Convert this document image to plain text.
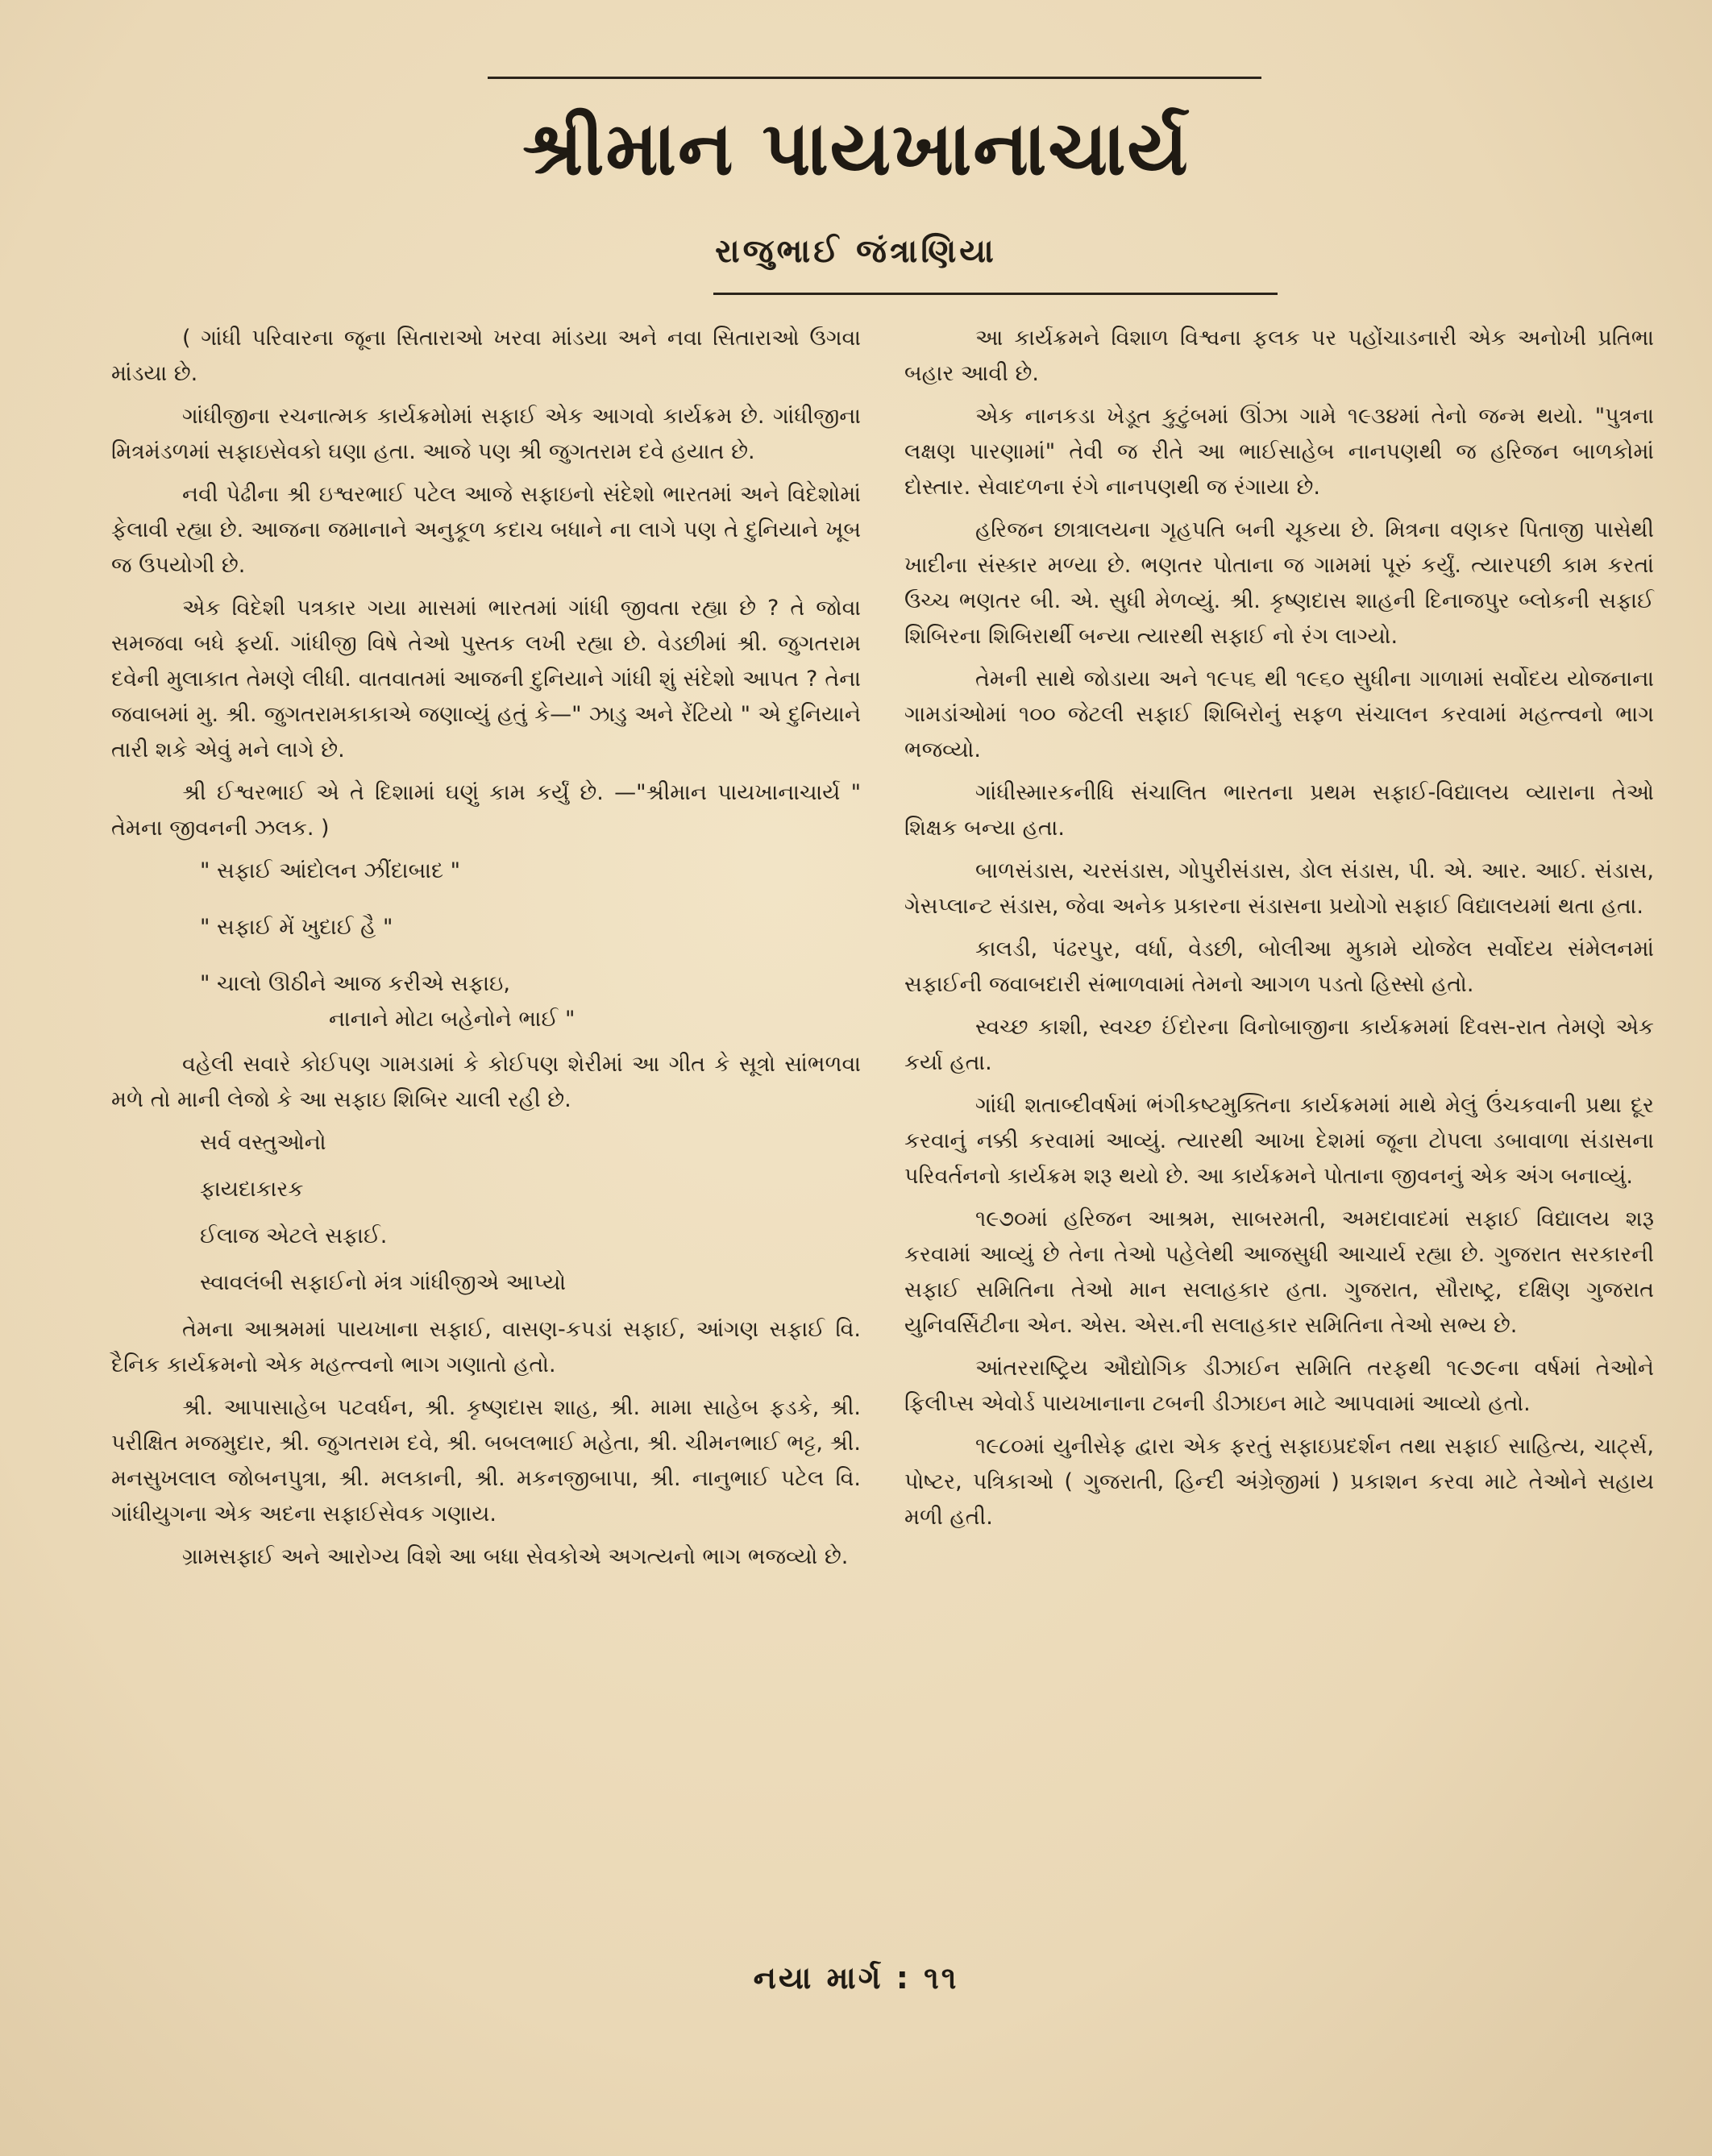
શ્રીમાન પાયખાનાચાર્ય
રાજુભાઈ જંત્રાણિયા

( ગાંધી પરિવારના જૂના સિતારાઓ ખરવા માંડયા અને નવા સિતારાઓ ઉગવા માંડયા છે.

ગાંધીજીના રચનાત્મક કાર્યક્રમોમાં સફાઈ એક આગવો કાર્યક્રમ છે. ગાંધીજીના મિત્રમંડળમાં સફાઇસેવકો ઘણા હતા. આજે પણ શ્રી જુગતરામ દવે હયાત છે.

નવી પેઢીના શ્રી ઇશ્વરભાઈ પટેલ આજે સફાઇનો સંદેશો ભારતમાં અને વિદેશોમાં ફેલાવી રહ્યા છે. આજના જમાનાને અનુકૂળ કદાચ બધાને ના લાગે પણ તે દુનિયાને ખૂબ જ ઉપયોગી છે.

એક વિદેશી પત્રકાર ગયા માસમાં ભારતમાં ગાંધી જીવતા રહ્યા છે ? તે જોવા સમજવા બધે ફર્યા. ગાંધીજી વિષે તેઓ પુસ્તક લખી રહ્યા છે. વેડછીમાં શ્રી. જુગતરામ દવેની મુલાકાત તેમણે લીધી. વાતવાતમાં આજની દુનિયાને ગાંધી શું સંદેશો આપત ? તેના જવાબમાં મુ. શ્રી. જુગતરામકાકાએ જણાવ્યું હતું કે—" ઝાડુ અને રેંટિયો " એ દુનિયાને તારી શકે એવું મને લાગે છે.

શ્રી ઈશ્વરભાઈ એ તે દિશામાં ઘણું કામ કર્યું છે. —"શ્રીમાન પાયખાનાચાર્ય " તેમના જીવનની ઝલક. )

" સફાઈ આંદોલન ઝીંદાબાદ "

" સફાઈ મેં ખુદાઈ હૈ "

" ચાલો ઊઠીને આજ કરીએ સફાઇ,

નાનાને મોટા બહેનોને ભાઈ "

વહેલી સવારે કોઈપણ ગામડામાં કે કોઈપણ શેરીમાં આ ગીત કે સૂત્રો સાંભળવા મળે તો માની લેજો કે આ સફાઇ શિબિર ચાલી રહી છે.

સર્વ વસ્તુઓનો

ફાયદાકારક

ઈલાજ એટલે સફાઈ.

સ્વાવલંબી સફાઈનો મંત્ર ગાંધીજીએ આપ્યો

તેમના આશ્રમમાં પાયખાના સફાઈ, વાસણ-કપડાં સફાઈ, આંગણ સફાઈ વિ. દૈનિક કાર્યક્રમનો એક મહત્ત્વનો ભાગ ગણાતો હતો.

શ્રી. આપાસાહેબ પટવર્ધન, શ્રી. કૃષ્ણદાસ શાહ, શ્રી. મામા સાહેબ ફડકે, શ્રી. પરીક્ષિત મજમુદાર, શ્રી. જુગતરામ દવે, શ્રી. બબલભાઈ મહેતા, શ્રી. ચીમનભાઈ ભટ્ટ, શ્રી. મનસુખલાલ જોબનપુત્રા, શ્રી. મલકાની, શ્રી. મકનજીબાપા, શ્રી. નાનુભાઈ પટેલ વિ. ગાંધીયુગના એક અદના સફાઈસેવક ગણાય.

ગ્રામસફાઈ અને આરોગ્ય વિશે આ બધા સેવકોએ અગત્યનો ભાગ ભજવ્યો છે.

આ કાર્યક્રમને વિશાળ વિશ્વના ફલક પર પહોંચાડનારી એક અનોખી પ્રતિભા બહાર આવી છે.

એક નાનકડા ખેડૂત કુટુંબમાં ઊંઝા ગામે ૧૯૩૪માં તેનો જન્મ થયો. "પુત્રના લક્ષણ પારણામાં" તેવી જ રીતે આ ભાઈસાહેબ નાનપણથી જ હરિજન બાળકોમાં દોસ્તાર. સેવાદળના રંગે નાનપણથી જ રંગાયા છે.

હરિજન છાત્રાલયના ગૃહપતિ બની ચૂકયા છે. મિત્રના વણકર પિતાજી પાસેથી ખાદીના સંસ્કાર મળ્યા છે. ભણતર પોતાના જ ગામમાં પૂરું કર્યું. ત્યારપછી કામ કરતાં ઉચ્ચ ભણતર બી. એ. સુધી મેળવ્યું. શ્રી. કૃષ્ણદાસ શાહની દિનાજપુર બ્લોકની સફાઈ શિબિરના શિબિરાર્થી બન્યા ત્યારથી સફાઈ નો રંગ લાગ્યો.

તેમની સાથે જોડાયા અને ૧૯૫૬ થી ૧૯૬૦ સુધીના ગાળામાં સર્વોદય યોજનાના ગામડાંઓમાં ૧૦૦ જેટલી સફાઈ શિબિરોનું સફળ સંચાલન કરવામાં મહત્ત્વનો ભાગ ભજવ્યો.

ગાંધીસ્મારકનીધિ સંચાલિત ભારતના પ્રથમ સફાઈ-વિદ્યાલય વ્યારાના તેઓ શિક્ષક બન્યા હતા.

બાળસંડાસ, ચરસંડાસ, ગોપુરીસંડાસ, ડોલ સંડાસ, પી. એ. આર. આઈ. સંડાસ, ગેસપ્લાન્ટ સંડાસ, જેવા અનેક પ્રકારના સંડાસના પ્રયોગો સફાઈ વિદ્યાલયમાં થતા હતા.

કાલડી, પંઢરપુર, વર્ધા, વેડછી, બોલીઆ મુકામે યોજેલ સર્વોદય સંમેલનમાં સફાઈની જવાબદારી સંભાળવામાં તેમનો આગળ પડતો હિસ્સો હતો.

સ્વચ્છ કાશી, સ્વચ્છ ઈંદોરના વિનોબાજીના કાર્યક્રમમાં દિવસ-રાત તેમણે એક કર્યા હતા.

ગાંધી શતાબ્દીવર્ષમાં ભંગીકષ્ટમુક્તિના કાર્યક્રમમાં માથે મેલું ઉંચકવાની પ્રથા દૂર કરવાનું નક્કી કરવામાં આવ્યું. ત્યારથી આખા દેશમાં જૂના ટોપલા ડબાવાળા સંડાસના પરિવર્તનનો કાર્યક્રમ શરૂ થયો છે. આ કાર્યક્રમને પોતાના જીવનનું એક અંગ બનાવ્યું.

૧૯૭૦માં હરિજન આશ્રમ, સાબરમતી, અમદાવાદમાં સફાઈ વિદ્યાલય શરૂ કરવામાં આવ્યું છે તેના તેઓ પહેલેથી આજસુધી આચાર્ય રહ્યા છે. ગુજરાત સરકારની સફાઈ સમિતિના તેઓ માન સલાહકાર હતા. ગુજરાત, સૌરાષ્ટ્ર, દક્ષિણ ગુજરાત યુનિવર્સિટીના એન. એસ. એસ.ની સલાહકાર સમિતિના તેઓ સભ્ય છે.

આંતરરાષ્ટ્રિય ઔદ્યોગિક ડીઝાઈન સમિતિ તરફથી ૧૯૭૯ના વર્ષમાં તેઓને ફિલીપ્સ એવોર્ડ પાયખાનાના ટબની ડીઝાઇન માટે આપવામાં આવ્યો હતો.

૧૯૮૦માં યુનીસેફ દ્વારા એક ફરતું સફાઇપ્રદર્શન તથા સફાઈ સાહિત્ય, ચાર્ટ્સ, પોષ્ટર, પત્રિકાઓ ( ગુજરાતી, હિન્દી અંગ્રેજીમાં ) પ્રકાશન કરવા માટે તેઓને સહાય મળી હતી.

નયા માર્ગ : ૧૧
